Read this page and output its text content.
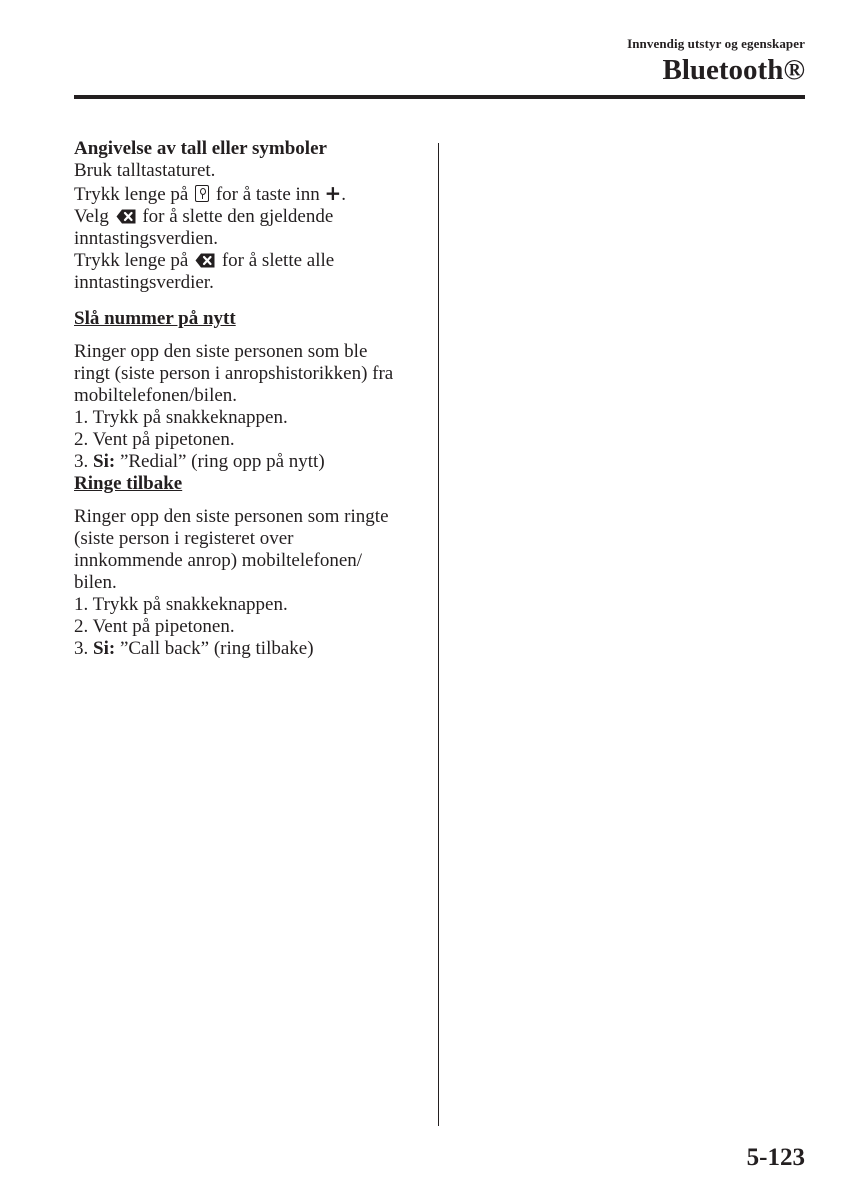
Innvendig utstyr og egenskaper
Bluetooth®

Angivelse av tall eller symboler

Bruk talltastaturet.

Trykk lenge på for å taste inn +.

Velg for å slette den gjeldende

inntastingsverdien.

Trykk lenge på for å slette alle

inntastingsverdier.

Slå nummer på nytt

Ringer opp den siste personen som ble

ringt (siste person i anropshistorikken) fra

mobiltelefonen/bilen.

1. Trykk på snakkeknappen.

2. Vent på pipetonen.

3. Si: ”Redial” (ring opp på nytt)

Ringe tilbake

Ringer opp den siste personen som ringte

(siste person i registeret over

innkommende anrop) mobiltelefonen/

bilen.

1. Trykk på snakkeknappen.

2. Vent på pipetonen.

3. Si: ”Call back” (ring tilbake)

5-123
